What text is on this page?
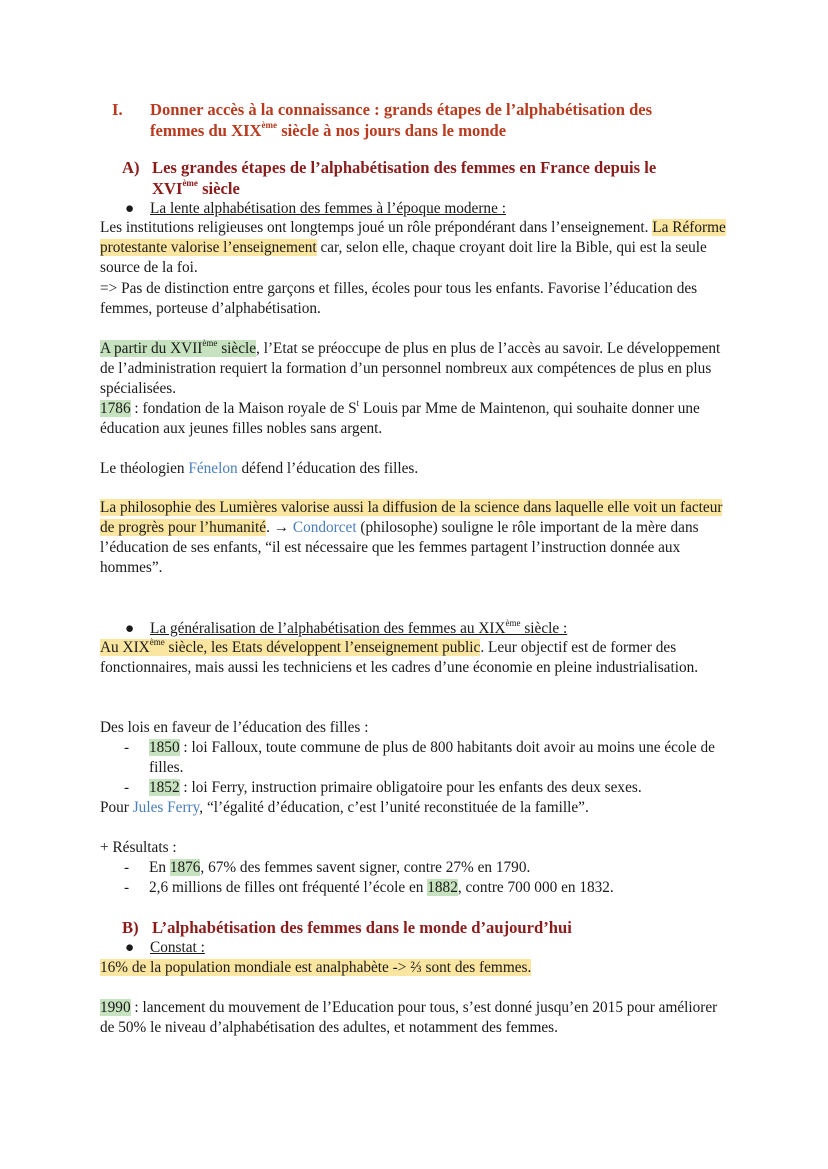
I. Donner accès à la connaissance : grands étapes de l’alphabétisation des
femmes du XIXème siècle à nos jours dans le monde
A) Les grandes étapes de l’alphabétisation des femmes en France depuis le
XVIème siècle
● La lente alphabétisation des femmes à l’époque moderne :

Les institutions religieuses ont longtemps joué un rôle prépondérant dans l’enseignement. La Réforme protestante valorise l’enseignement car, selon elle, chaque croyant doit lire la Bible, qui est la seule source de la foi.

=> Pas de distinction entre garçons et filles, écoles pour tous les enfants. Favorise l’éducation des femmes, porteuse d’alphabétisation.

A partir du XVIIème siècle, l’Etat se préoccupe de plus en plus de l’accès au savoir. Le développement de l’administration requiert la formation d’un personnel nombreux aux compétences de plus en plus spécialisées.

1786 : fondation de la Maison royale de $S^t$ Louis par Mme de Maintenon, qui souhaite donner une éducation aux jeunes filles nobles sans argent.

Le théologien Fénelon défend l’éducation des filles.

La philosophie des Lumières valorise aussi la diffusion de la science dans laquelle elle voit un facteur de progrès pour l’humanité. → Condorcet (philosophe) souligne le rôle important de la mère dans l’éducation de ses enfants, “il est nécessaire que les femmes partagent l’instruction donnée aux hommes”.

● La généralisation de l’alphabétisation des femmes au XIXème siècle :

Au XIXème siècle, les Etats développent l’enseignement public. Leur objectif est de former des fonctionnaires, mais aussi les techniciens et les cadres d’une économie en pleine industrialisation.

Des lois en faveur de l’éducation des filles :

- 1850 : loi Falloux, toute commune de plus de 800 habitants doit avoir au moins une école de filles.
- 1852 : loi Ferry, instruction primaire obligatoire pour les enfants des deux sexes.

Pour Jules Ferry, “l’égalité d’éducation, c’est l’unité reconstituée de la famille”.

+ Résultats :

- En 1876, 67% des femmes savent signer, contre 27% en 1790.
- 2,6 millions de filles ont fréquenté l’école en 1882, contre 700 000 en 1832.
B) L’alphabétisation des femmes dans le monde d’aujourd’hui
● Constat :

16% de la population mondiale est analphabète -> ⅔ sont des femmes.

1990 : lancement du mouvement de l’Education pour tous, s’est donné jusqu’en 2015 pour améliorer de 50% le niveau d’alphabétisation des adultes, et notamment des femmes.
